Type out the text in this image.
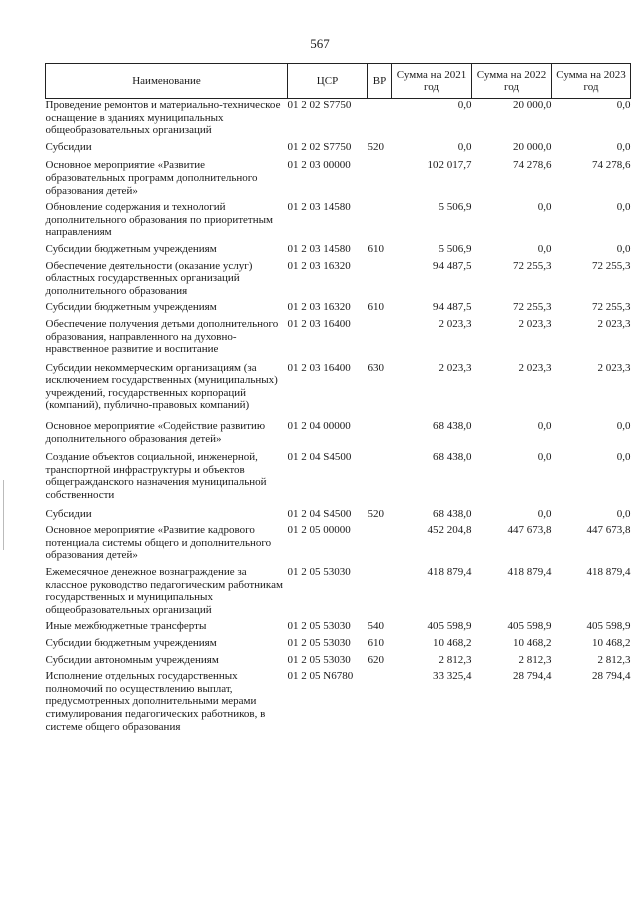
567
Наименование	ЦСР	ВР	Сумма на 2021 год	Сумма на 2022 год	Сумма на 2023 год
Проведение ремонтов и материально-техническое оснащение в зданиях муниципальных общеобразовательных организаций	01 2 02 S7750		0,0	20 000,0	0,0
Субсидии	01 2 02 S7750	520	0,0	20 000,0	0,0
Основное мероприятие «Развитие образовательных программ дополнительного образования детей»	01 2 03 00000		102 017,7	74 278,6	74 278,6
Обновление содержания и технологий дополнительного образования по приоритетным направлениям	01 2 03 14580		5 506,9	0,0	0,0
Субсидии бюджетным учреждениям	01 2 03 14580	610	5 506,9	0,0	0,0
Обеспечение деятельности (оказание услуг) областных государственных организаций дополнительного образования	01 2 03 16320		94 487,5	72 255,3	72 255,3
Субсидии бюджетным учреждениям	01 2 03 16320	610	94 487,5	72 255,3	72 255,3
Обеспечение получения детьми дополнительного образования, направленного на духовно-нравственное развитие и воспитание	01 2 03 16400		2 023,3	2 023,3	2 023,3
Субсидии некоммерческим организациям (за исключением государственных (муниципальных) учреждений, государственных корпораций (компаний), публично-правовых компаний)	01 2 03 16400	630	2 023,3	2 023,3	2 023,3
Основное мероприятие «Содействие развитию дополнительного образования детей»	01 2 04 00000		68 438,0	0,0	0,0
Создание объектов социальной, инженерной, транспортной инфраструктуры и объектов общегражданского назначения муниципальной собственности	01 2 04 S4500		68 438,0	0,0	0,0
Субсидии	01 2 04 S4500	520	68 438,0	0,0	0,0
Основное мероприятие «Развитие кадрового потенциала системы общего и дополнительного образования детей»	01 2 05 00000		452 204,8	447 673,8	447 673,8
Ежемесячное денежное вознаграждение за классное руководство педагогическим работникам государственных и муниципальных общеобразовательных организаций	01 2 05 53030		418 879,4	418 879,4	418 879,4
Иные межбюджетные трансферты	01 2 05 53030	540	405 598,9	405 598,9	405 598,9
Субсидии бюджетным учреждениям	01 2 05 53030	610	10 468,2	10 468,2	10 468,2
Субсидии автономным учреждениям	01 2 05 53030	620	2 812,3	2 812,3	2 812,3
Исполнение отдельных государственных полномочий по осуществлению выплат, предусмотренных дополнительными мерами стимулирования педагогических работников, в системе общего образования	01 2 05 N6780		33 325,4	28 794,4	28 794,4
